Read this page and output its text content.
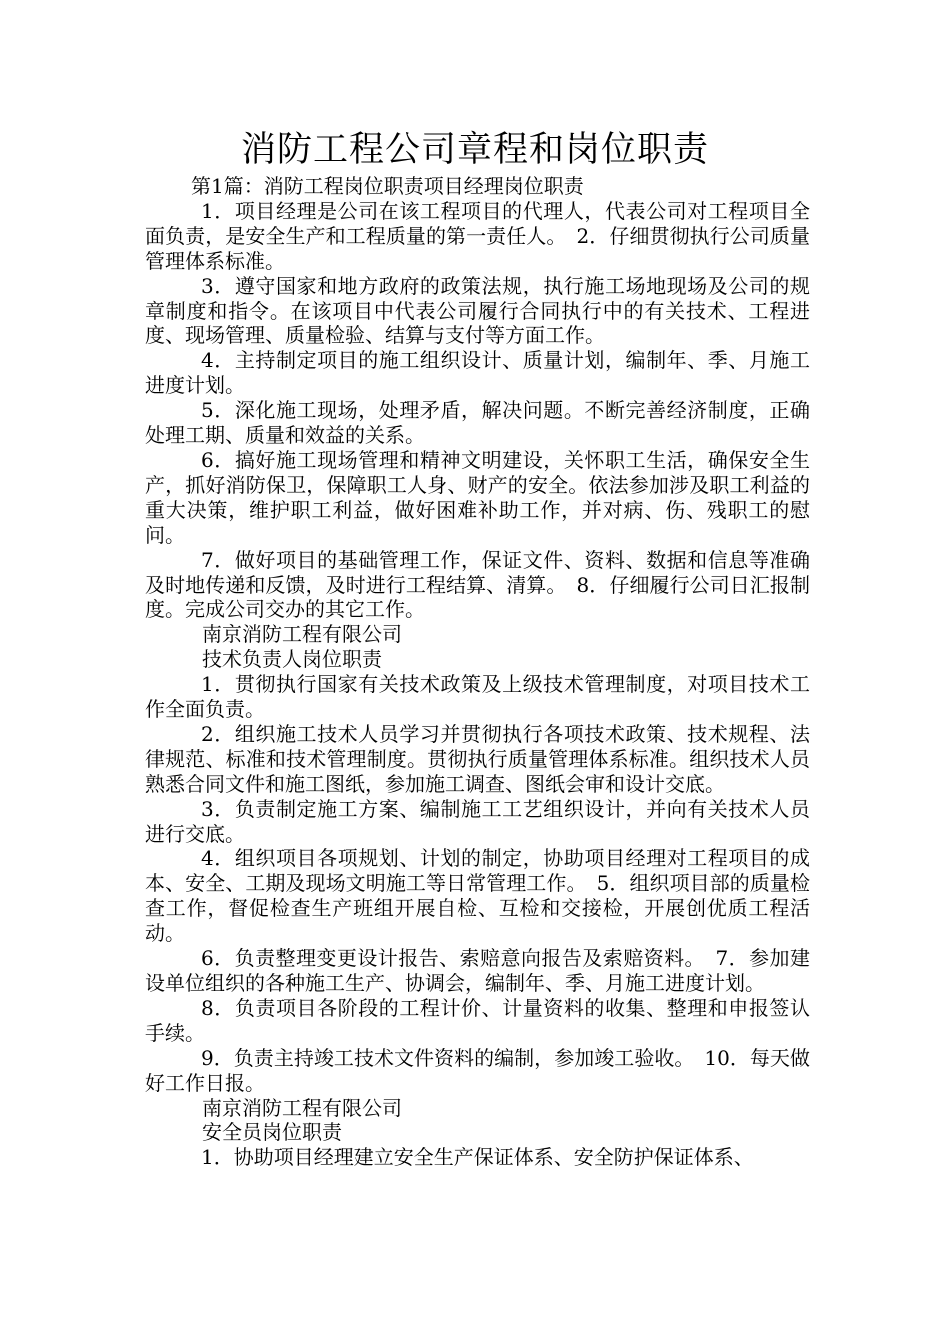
消防工程公司章程和岗位职责

第1篇：消防工程岗位职责项目经理岗位职责

1．项目经理是公司在该工程项目的代理人，代表公司对工程项目全面负责，是安全生产和工程质量的第一责任人。　2．仔细贯彻执行公司质量管理体系标准。

3．遵守国家和地方政府的政策法规，执行施工场地现场及公司的规章制度和指令。在该项目中代表公司履行合同执行中的有关技术、工程进度、现场管理、质量检验、结算与支付等方面工作。

4．主持制定项目的施工组织设计、质量计划，编制年、季、月施工进度计划。

5．深化施工现场，处理矛盾，解决问题。不断完善经济制度，正确处理工期、质量和效益的关系。

6．搞好施工现场管理和精神文明建设，关怀职工生活，确保安全生产，抓好消防保卫，保障职工人身、财产的安全。依法参加涉及职工利益的重大决策，维护职工利益，做好困难补助工作，并对病、伤、残职工的慰问。

7．做好项目的基础管理工作，保证文件、资料、数据和信息等准确及时地传递和反馈，及时进行工程结算、清算。　8．仔细履行公司日汇报制度。完成公司交办的其它工作。

南京消防工程有限公司

技术负责人岗位职责

1．贯彻执行国家有关技术政策及上级技术管理制度，对项目技术工作全面负责。

2．组织施工技术人员学习并贯彻执行各项技术政策、技术规程、法律规范、标准和技术管理制度。贯彻执行质量管理体系标准。组织技术人员熟悉合同文件和施工图纸，参加施工调查、图纸会审和设计交底。

3．负责制定施工方案、编制施工工艺组织设计，并向有关技术人员进行交底。

4．组织项目各项规划、计划的制定，协助项目经理对工程项目的成本、安全、工期及现场文明施工等日常管理工作。　5．组织项目部的质量检查工作，督促检查生产班组开展自检、互检和交接检，开展创优质工程活动。

6．负责整理变更设计报告、索赔意向报告及索赔资料。　7．参加建设单位组织的各种施工生产、协调会，编制年、季、月施工进度计划。

8．负责项目各阶段的工程计价、计量资料的收集、整理和申报签认手续。

9．负责主持竣工技术文件资料的编制，参加竣工验收。　10．每天做好工作日报。

南京消防工程有限公司

安全员岗位职责

1．协助项目经理建立安全生产保证体系、安全防护保证体系、
